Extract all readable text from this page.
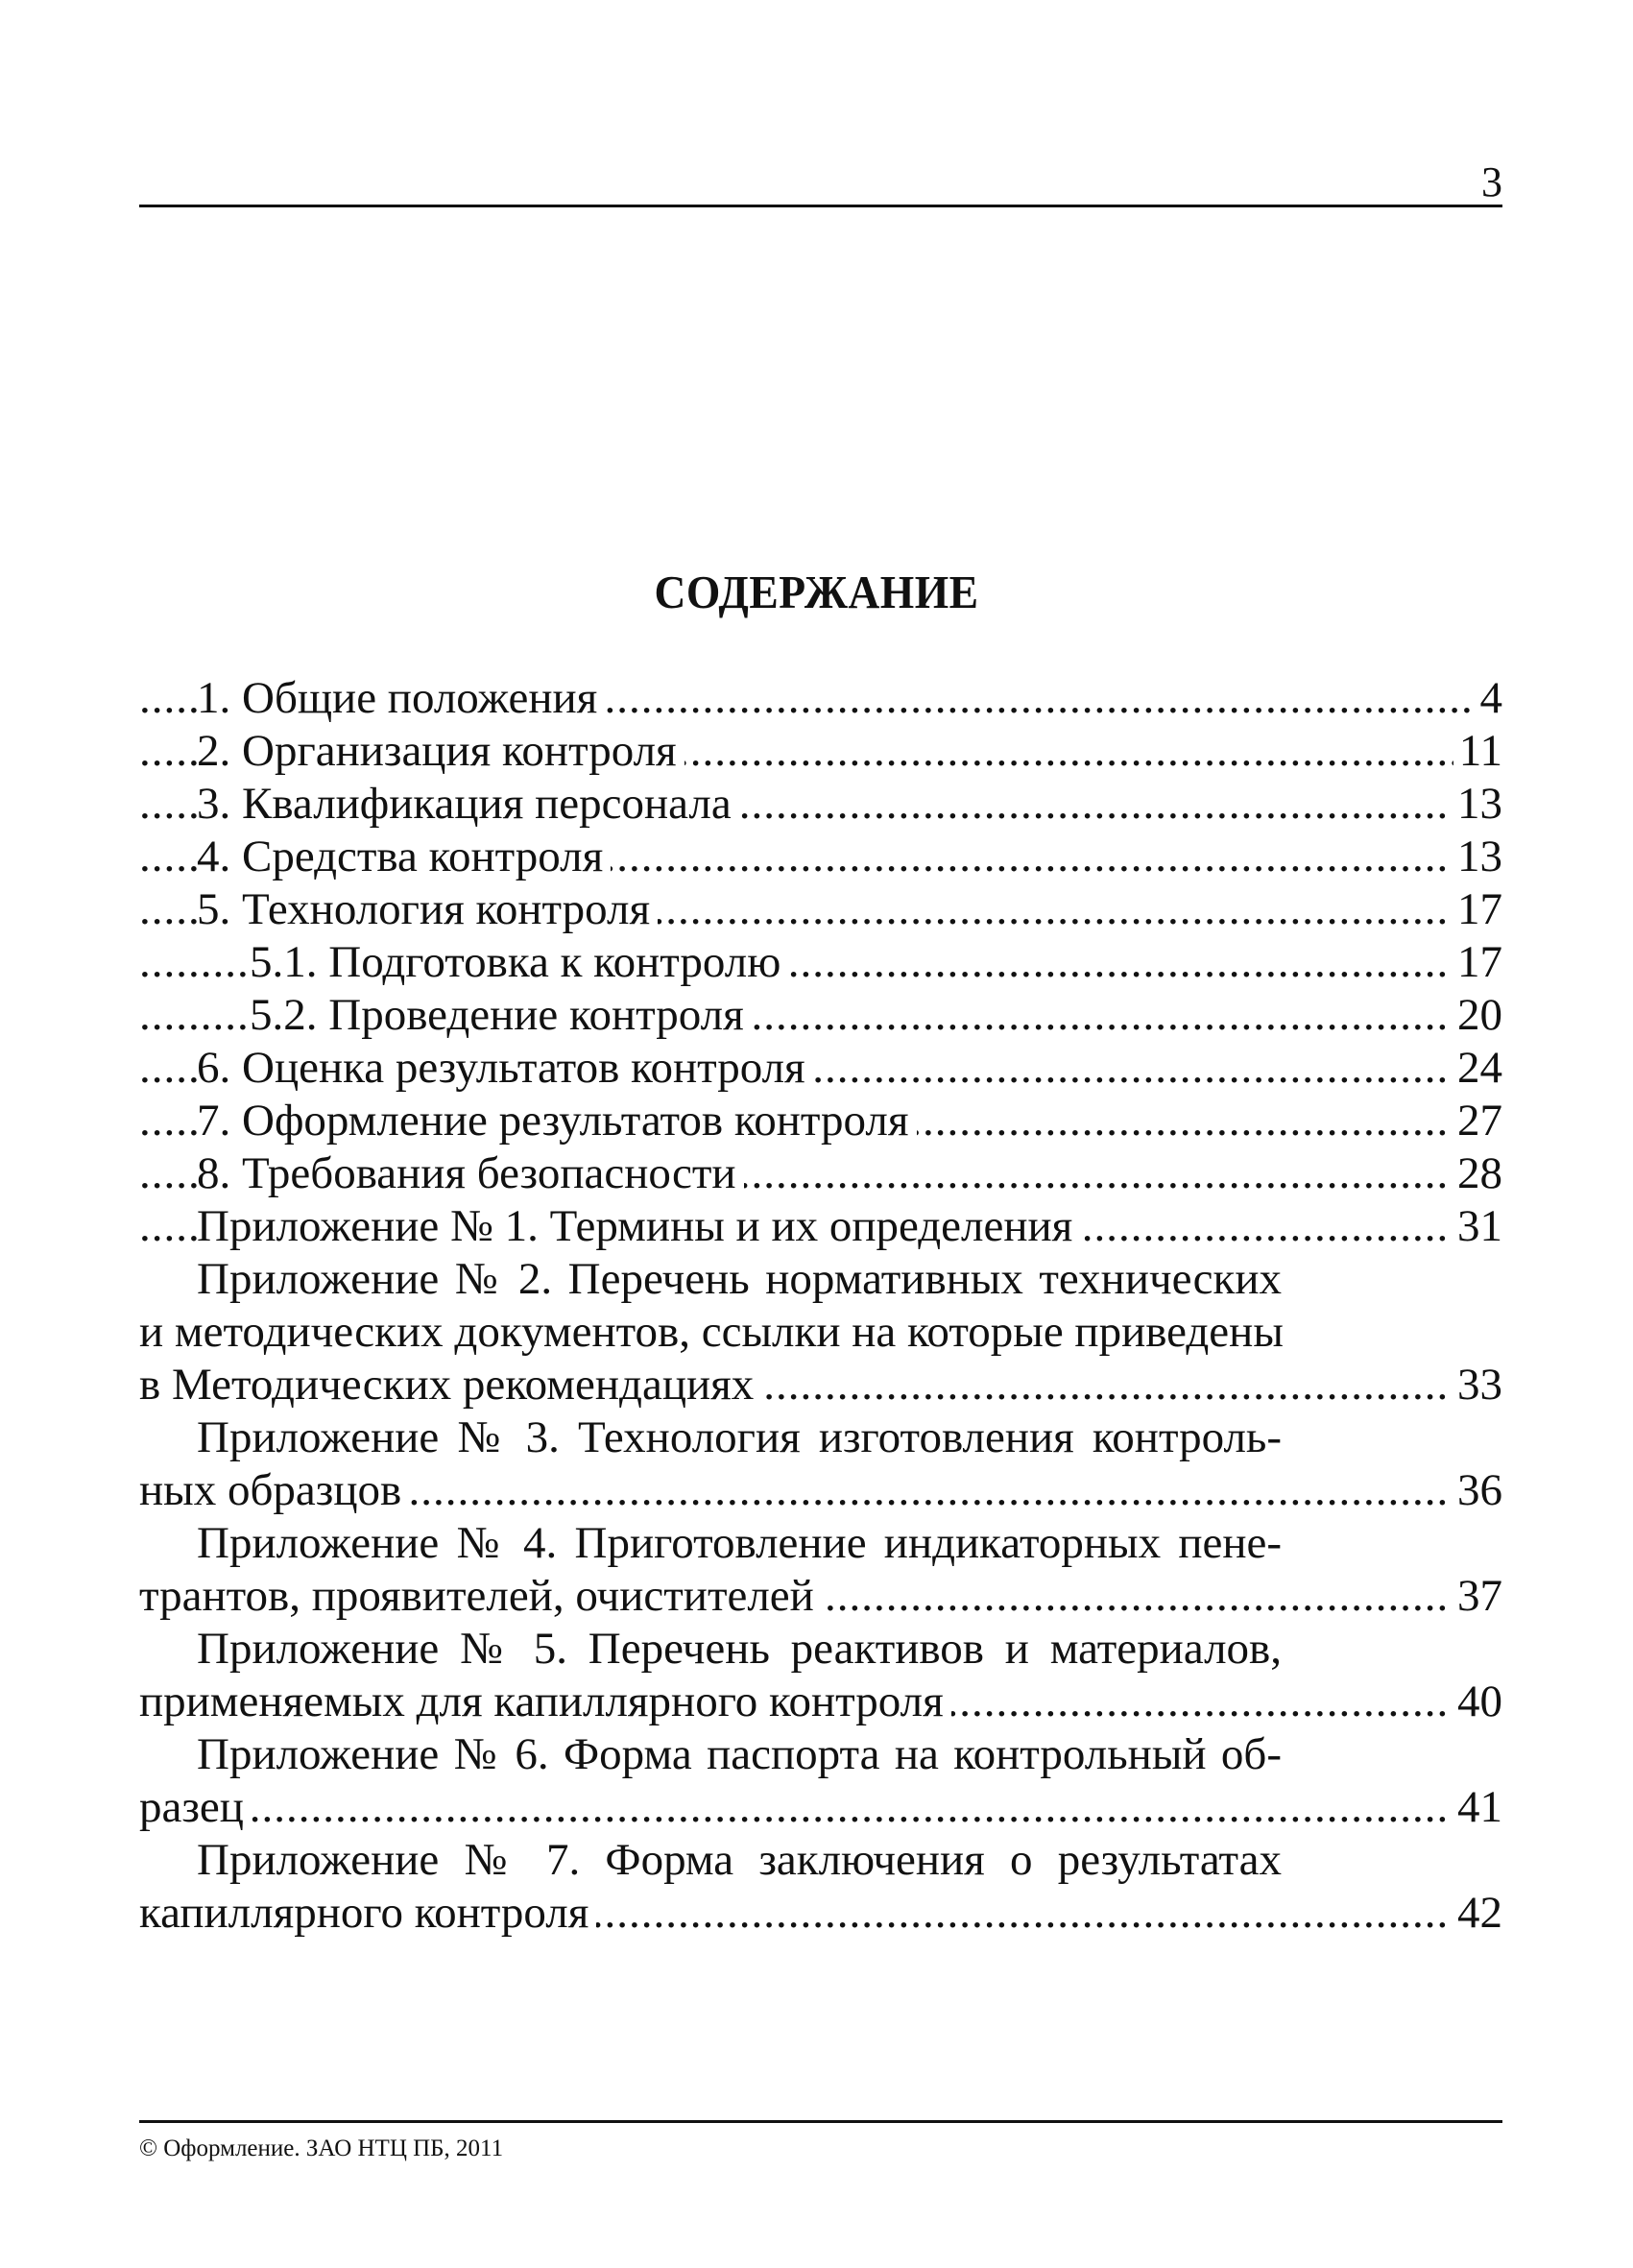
3
СОДЕРЖАНИЕ
..... 1. Общие положения	4
..... 2. Организация контроля	11
..... 3. Квалификация персонала	13
..... 4. Средства контроля	13
..... 5. Технология контроля	17
..... 5.1. Подготовка к контролю	17
..... 5.2. Проведение контроля	20
..... 6. Оценка результатов контроля	24
..... 7. Оформление результатов контроля	27
..... 8. Требования безопасности	28
..... Приложение № 1. Термины и их определения	31
Приложение № 2. Перечень нормативных технических
и методических документов, ссылки на которые приведены
..... в Методических рекомендациях	33
Приложение № 3. Технология изготовления контроль-
..... ных образцов	36
Приложение № 4. Приготовление индикаторных пене-
..... трантов, проявителей, очистителей	37
Приложение № 5. Перечень реактивов и материалов,
..... применяемых для капиллярного контроля	40
Приложение № 6. Форма паспорта на контрольный об-
..... разец	41
Приложение № 7. Форма заключения о результатах
..... капиллярного контроля	42
© Оформление. ЗАО НТЦ ПБ, 2011
